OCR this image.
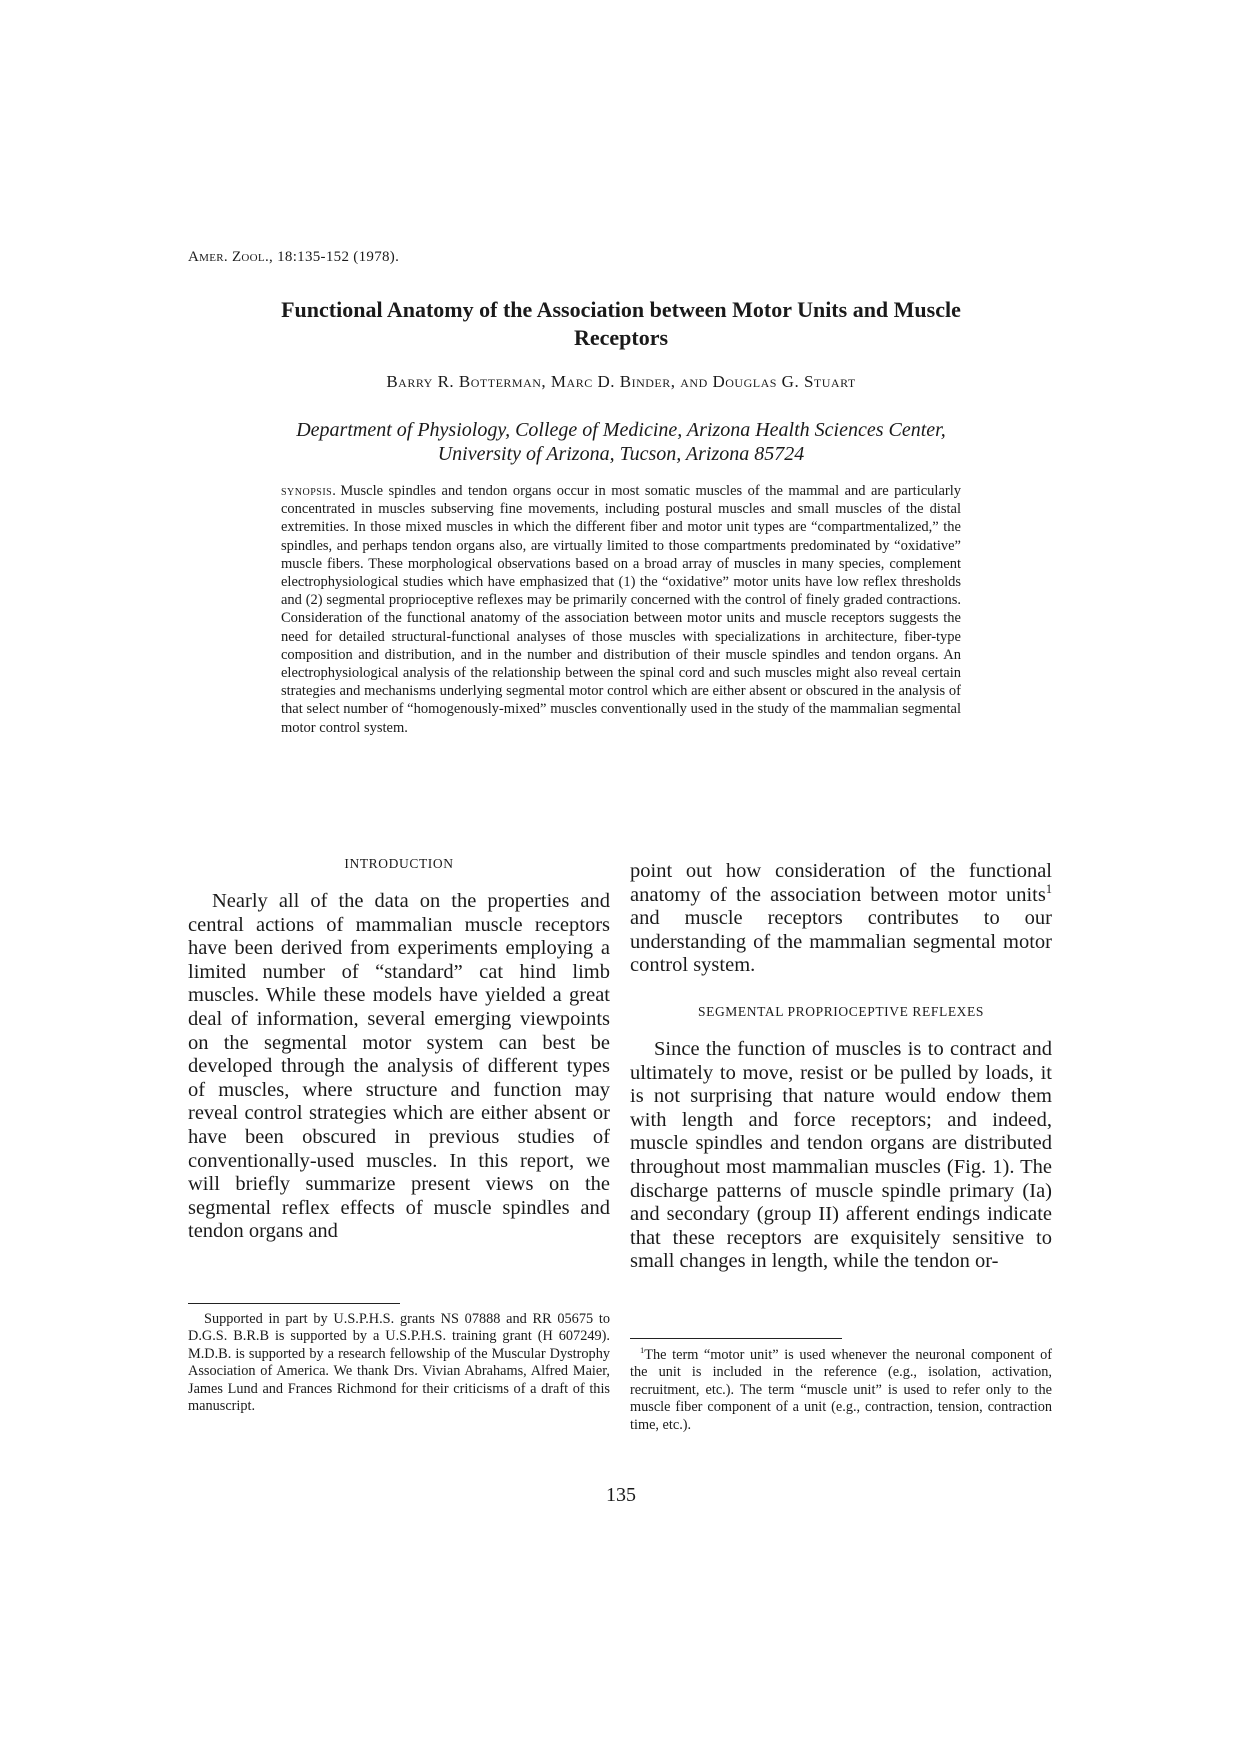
Amer. Zool., 18:135-152 (1978).
Functional Anatomy of the Association between Motor Units and Muscle Receptors
Barry R. Botterman, Marc D. Binder, and Douglas G. Stuart
Department of Physiology, College of Medicine, Arizona Health Sciences Center,
University of Arizona, Tucson, Arizona 85724
synopsis. Muscle spindles and tendon organs occur in most somatic muscles of the mammal and are particularly concentrated in muscles subserving fine movements, including postural muscles and small muscles of the distal extremities. In those mixed muscles in which the different fiber and motor unit types are “compartmentalized,” the spindles, and perhaps tendon organs also, are virtually limited to those compartments predominated by “oxidative” muscle fibers. These morphological observations based on a broad array of muscles in many species, complement electrophysiological studies which have emphasized that (1) the “oxidative” motor units have low reflex thresholds and (2) segmental proprioceptive reflexes may be primarily concerned with the control of finely graded contractions. Consideration of the functional anatomy of the association between motor units and muscle receptors suggests the need for detailed structural-functional analyses of those muscles with specializations in architecture, fiber-type composition and distribution, and in the number and distribution of their muscle spindles and tendon organs. An electrophysiological analysis of the relationship between the spinal cord and such muscles might also reveal certain strategies and mechanisms underlying segmental motor control which are either absent or obscured in the analysis of that select number of “homogenously-mixed” muscles conventionally used in the study of the mammalian segmental motor control system.
INTRODUCTION

Nearly all of the data on the properties and central actions of mammalian muscle receptors have been derived from experiments employing a limited number of “standard” cat hind limb muscles. While these models have yielded a great deal of information, several emerging viewpoints on the segmental motor system can best be developed through the analysis of different types of muscles, where structure and function may reveal control strategies which are either absent or have been obscured in previous studies of conventionally-used muscles. In this report, we will briefly summarize present views on the segmental reflex effects of muscle spindles and tendon organs and

point out how consideration of the functional anatomy of the association between motor units$^1$ and muscle receptors contributes to our understanding of the mammalian segmental motor control system.

SEGMENTAL PROPRIOCEPTIVE REFLEXES

Since the function of muscles is to contract and ultimately to move, resist or be pulled by loads, it is not surprising that nature would endow them with length and force receptors; and indeed, muscle spindles and tendon organs are distributed throughout most mammalian muscles (Fig. 1). The discharge patterns of muscle spindle primary (Ia) and secondary (group II) afferent endings indicate that these receptors are exquisitely sensitive to small changes in length, while the tendon or-

Supported in part by U.S.P.H.S. grants NS 07888 and RR 05675 to D.G.S. B.R.B is supported by a U.S.P.H.S. training grant (H 607249). M.D.B. is supported by a research fellowship of the Muscular Dystrophy Association of America. We thank Drs. Vivian Abrahams, Alfred Maier, James Lund and Frances Richmond for their criticisms of a draft of this manuscript.

$^1$The term “motor unit” is used whenever the neuronal component of the unit is included in the reference (e.g., isolation, activation, recruitment, etc.). The term “muscle unit” is used to refer only to the muscle fiber component of a unit (e.g., contraction, tension, contraction time, etc.).

135
